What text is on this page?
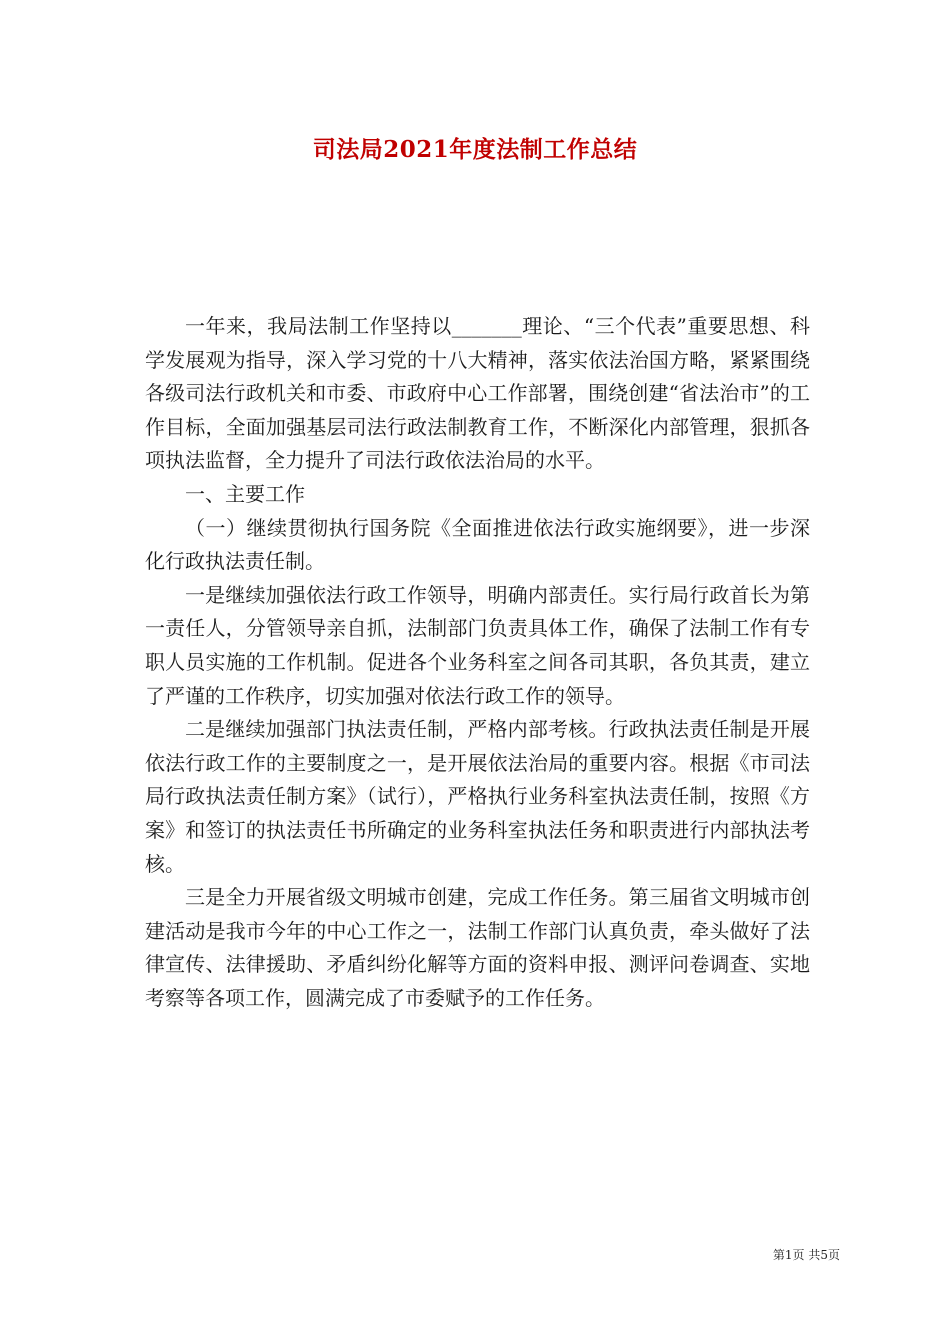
司法局2021年度法制工作总结

一年来，我局法制工作坚持以_______理论、“三个代表”重要思想、科学发展观为指导，深入学习党的十八大精神，落实依法治国方略，紧紧围绕各级司法行政机关和市委、市政府中心工作部署，围绕创建“省法治市”的工作目标，全面加强基层司法行政法制教育工作，不断深化内部管理，狠抓各项执法监督，全力提升了司法行政依法治局的水平。

一、主要工作

（一）继续贯彻执行国务院《全面推进依法行政实施纲要》，进一步深化行政执法责任制。

一是继续加强依法行政工作领导，明确内部责任。实行局行政首长为第一责任人，分管领导亲自抓，法制部门负责具体工作，确保了法制工作有专职人员实施的工作机制。促进各个业务科室之间各司其职，各负其责，建立了严谨的工作秩序，切实加强对依法行政工作的领导。

二是继续加强部门执法责任制，严格内部考核。行政执法责任制是开展依法行政工作的主要制度之一，是开展依法治局的重要内容。根据《市司法局行政执法责任制方案》（试行），严格执行业务科室执法责任制，按照《方案》和签订的执法责任书所确定的业务科室执法任务和职责进行内部执法考核。

三是全力开展省级文明城市创建，完成工作任务。第三届省文明城市创建活动是我市今年的中心工作之一，法制工作部门认真负责，牵头做好了法律宣传、法律援助、矛盾纠纷化解等方面的资料申报、测评问卷调查、实地考察等各项工作，圆满完成了市委赋予的工作任务。

第1页 共5页
